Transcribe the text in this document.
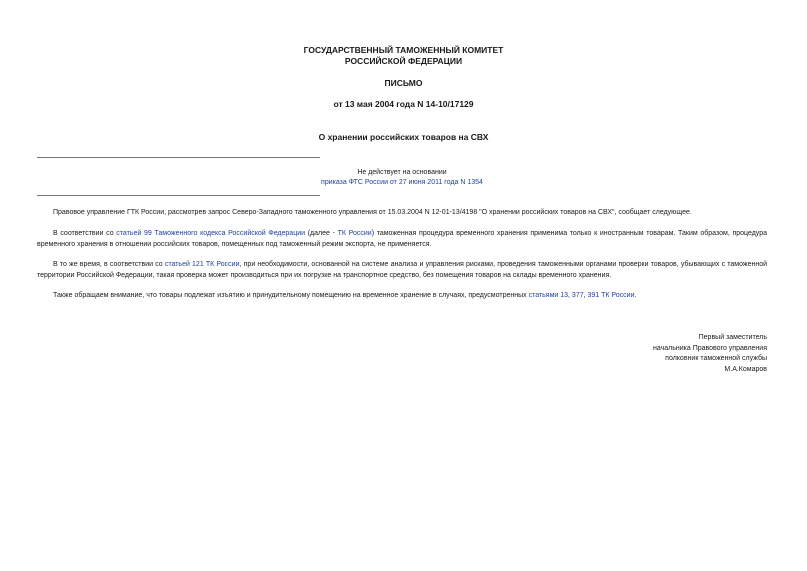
ГОСУДАРСТВЕННЫЙ ТАМОЖЕННЫЙ КОМИТЕТ
РОССИЙСКОЙ ФЕДЕРАЦИИ
ПИСЬМО
от 13 мая 2004 года N 14-10/17129
О хранении российских товаров на СВХ
Не действует на основании
приказа ФТС России от 27 июня 2011 года N 1354
Правовое управление ГТК России, рассмотрев запрос Северо-Западного таможенного управления от 15.03.2004 N 12-01-13/4198 "О хранении российских товаров на СВХ", сообщает следующее.
В соответствии со статьей 99 Таможенного кодекса Российской Федерации (далее - ТК России) таможенная процедура временного хранения применима только к иностранным товарам. Таким образом, процедура временного хранения в отношении российских товаров, помещенных под таможенный режим экспорта, не применяется.
В то же время, в соответствии со статьей 121 ТК России, при необходимости, основанной на системе анализа и управления рисками, проведения таможенными органами проверки товаров, убывающих с таможенной территории Российской Федерации, такая проверка может производиться при их погрузке на транспортное средство, без помещения товаров на склады временного хранения.
Также обращаем внимание, что товары подлежат изъятию и принудительному помещению на временное хранение в случаях, предусмотренных статьями 13, 377, 391 ТК России.
Первый заместитель
начальника Правового управления
полковник таможенной службы
М.А.Комаров
